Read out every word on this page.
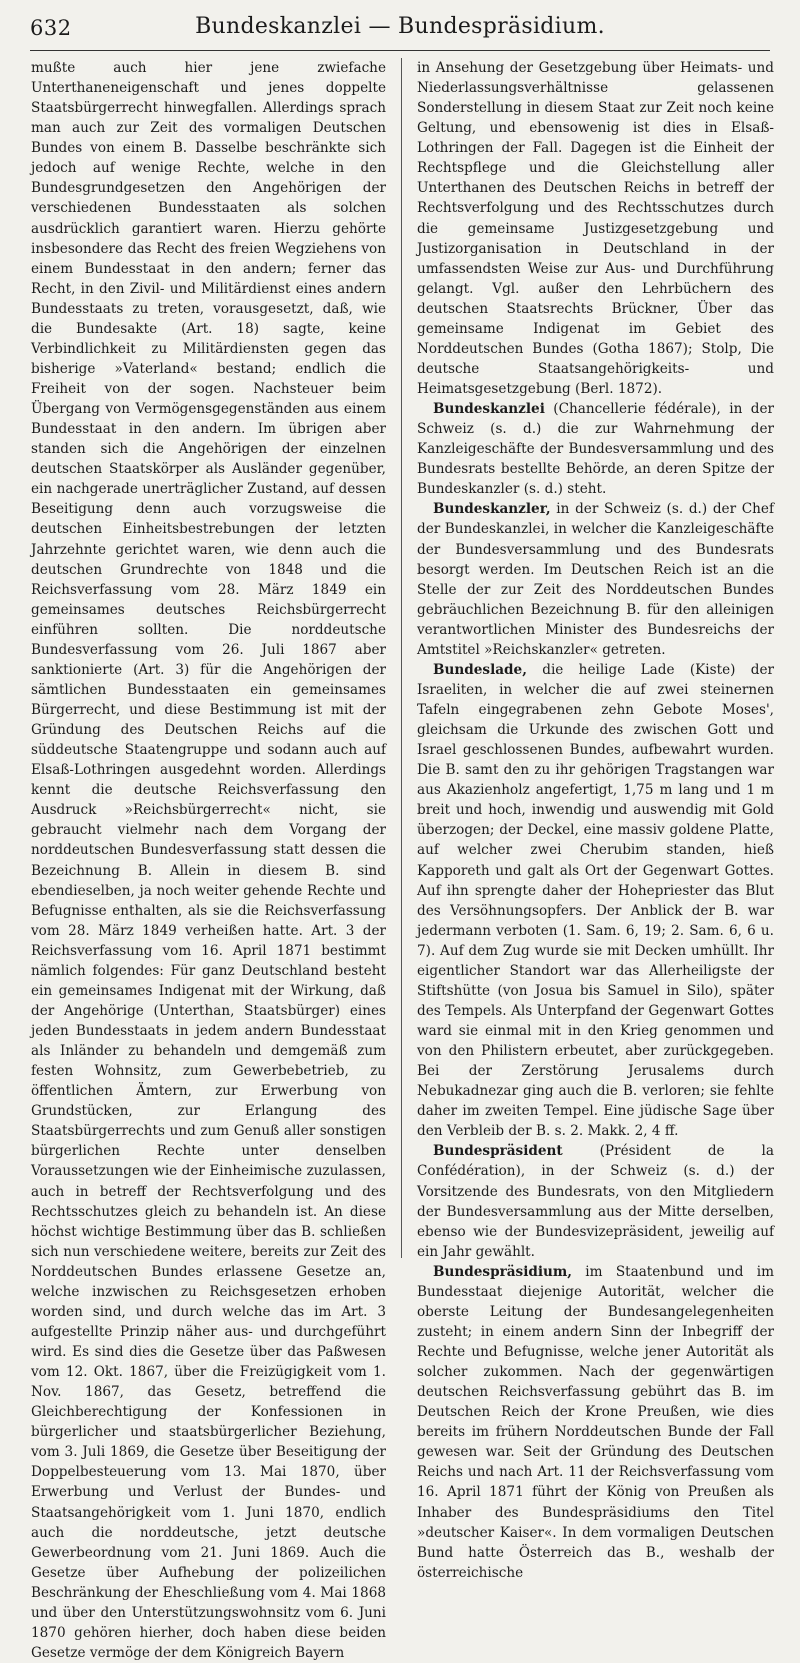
632	Bundeskanzlei — Bundespräsidium.

mußte auch hier jene zwiefache Unterthaneneigenschaft und jenes doppelte Staatsbürgerrecht hinwegfallen. Allerdings sprach man auch zur Zeit des vormaligen Deutschen Bundes von einem B. Dasselbe beschränkte sich jedoch auf wenige Rechte, welche in den Bundesgrundgesetzen den Angehörigen der verschiedenen Bundesstaaten als solchen ausdrücklich garantiert waren. Hierzu gehörte insbesondere das Recht des freien Wegziehens von einem Bundesstaat in den andern; ferner das Recht, in den Zivil- und Militärdienst eines andern Bundesstaats zu treten, vorausgesetzt, daß, wie die Bundesakte (Art. 18) sagte, keine Verbindlichkeit zu Militärdiensten gegen das bisherige »Vaterland« bestand; endlich die Freiheit von der sogen. Nachsteuer beim Übergang von Vermögensgegenständen aus einem Bundesstaat in den andern. Im übrigen aber standen sich die Angehörigen der einzelnen deutschen Staatskörper als Ausländer gegenüber, ein nachgerade unerträglicher Zustand, auf dessen Beseitigung denn auch vorzugsweise die deutschen Einheitsbestrebungen der letzten Jahrzehnte gerichtet waren, wie denn auch die deutschen Grundrechte von 1848 und die Reichsverfassung vom 28. März 1849 ein gemeinsames deutsches Reichsbürgerrecht einführen sollten. Die norddeutsche Bundesverfassung vom 26. Juli 1867 aber sanktionierte (Art. 3) für die Angehörigen der sämtlichen Bundesstaaten ein gemeinsames Bürgerrecht, und diese Bestimmung ist mit der Gründung des Deutschen Reichs auf die süddeutsche Staatengruppe und sodann auch auf Elsaß-Lothringen ausgedehnt worden. Allerdings kennt die deutsche Reichsverfassung den Ausdruck »Reichsbürgerrecht« nicht, sie gebraucht vielmehr nach dem Vorgang der norddeutschen Bundesverfassung statt dessen die Bezeichnung B. Allein in diesem B. sind ebendieselben, ja noch weiter gehende Rechte und Befugnisse enthalten, als sie die Reichsverfassung vom 28. März 1849 verheißen hatte. Art. 3 der Reichsverfassung vom 16. April 1871 bestimmt nämlich folgendes: Für ganz Deutschland besteht ein gemeinsames Indigenat mit der Wirkung, daß der Angehörige (Unterthan, Staatsbürger) eines jeden Bundesstaats in jedem andern Bundesstaat als Inländer zu behandeln und demgemäß zum festen Wohnsitz, zum Gewerbebetrieb, zu öffentlichen Ämtern, zur Erwerbung von Grundstücken, zur Erlangung des Staatsbürgerrechts und zum Genuß aller sonstigen bürgerlichen Rechte unter denselben Voraussetzungen wie der Einheimische zuzulassen, auch in betreff der Rechtsverfolgung und des Rechtsschutzes gleich zu behandeln ist. An diese höchst wichtige Bestimmung über das B. schließen sich nun verschiedene weitere, bereits zur Zeit des Norddeutschen Bundes erlassene Gesetze an, welche inzwischen zu Reichsgesetzen erhoben worden sind, und durch welche das im Art. 3 aufgestellte Prinzip näher aus- und durchgeführt wird. Es sind dies die Gesetze über das Paßwesen vom 12. Okt. 1867, über die Freizügigkeit vom 1. Nov. 1867, das Gesetz, betreffend die Gleichberechtigung der Konfessionen in bürgerlicher und staatsbürgerlicher Beziehung, vom 3. Juli 1869, die Gesetze über Beseitigung der Doppelbesteuerung vom 13. Mai 1870, über Erwerbung und Verlust der Bundes- und Staatsangehörigkeit vom 1. Juni 1870, endlich auch die norddeutsche, jetzt deutsche Gewerbeordnung vom 21. Juni 1869. Auch die Gesetze über Aufhebung der polizeilichen Beschränkung der Eheschließung vom 4. Mai 1868 und über den Unterstützungswohnsitz vom 6. Juni 1870 gehören hierher, doch haben diese beiden Gesetze vermöge der dem Königreich Bayern

in Ansehung der Gesetzgebung über Heimats- und Niederlassungsverhältnisse gelassenen Sonderstellung in diesem Staat zur Zeit noch keine Geltung, und ebensowenig ist dies in Elsaß-Lothringen der Fall. Dagegen ist die Einheit der Rechtspflege und die Gleichstellung aller Unterthanen des Deutschen Reichs in betreff der Rechtsverfolgung und des Rechtsschutzes durch die gemeinsame Justizgesetzgebung und Justizorganisation in Deutschland in der umfassendsten Weise zur Aus- und Durchführung gelangt. Vgl. außer den Lehrbüchern des deutschen Staatsrechts Brückner, Über das gemeinsame Indigenat im Gebiet des Norddeutschen Bundes (Gotha 1867); Stolp, Die deutsche Staatsangehörigkeits- und Heimatsgesetzgebung (Berl. 1872).

Bundeskanzlei (Chancellerie fédérale), in der Schweiz (s. d.) die zur Wahrnehmung der Kanzleigeschäfte der Bundesversammlung und des Bundesrats bestellte Behörde, an deren Spitze der Bundeskanzler (s. d.) steht.

Bundeskanzler, in der Schweiz (s. d.) der Chef der Bundeskanzlei, in welcher die Kanzleigeschäfte der Bundesversammlung und des Bundesrats besorgt werden. Im Deutschen Reich ist an die Stelle der zur Zeit des Norddeutschen Bundes gebräuchlichen Bezeichnung B. für den alleinigen verantwortlichen Minister des Bundesreichs der Amtstitel »Reichskanzler« getreten.

Bundeslade, die heilige Lade (Kiste) der Israeliten, in welcher die auf zwei steinernen Tafeln eingegrabenen zehn Gebote Moses', gleichsam die Urkunde des zwischen Gott und Israel geschlossenen Bundes, aufbewahrt wurden. Die B. samt den zu ihr gehörigen Tragstangen war aus Akazienholz angefertigt, 1,75 m lang und 1 m breit und hoch, inwendig und auswendig mit Gold überzogen; der Deckel, eine massiv goldene Platte, auf welcher zwei Cherubim standen, hieß Kapporeth und galt als Ort der Gegenwart Gottes. Auf ihn sprengte daher der Hohepriester das Blut des Versöhnungsopfers. Der Anblick der B. war jedermann verboten (1. Sam. 6, 19; 2. Sam. 6, 6 u. 7). Auf dem Zug wurde sie mit Decken umhüllt. Ihr eigentlicher Standort war das Allerheiligste der Stiftshütte (von Josua bis Samuel in Silo), später des Tempels. Als Unterpfand der Gegenwart Gottes ward sie einmal mit in den Krieg genommen und von den Philistern erbeutet, aber zurückgegeben. Bei der Zerstörung Jerusalems durch Nebukadnezar ging auch die B. verloren; sie fehlte daher im zweiten Tempel. Eine jüdische Sage über den Verbleib der B. s. 2. Makk. 2, 4 ff.

Bundespräsident (Président de la Confédération), in der Schweiz (s. d.) der Vorsitzende des Bundesrats, von den Mitgliedern der Bundesversammlung aus der Mitte derselben, ebenso wie der Bundesvizepräsident, jeweilig auf ein Jahr gewählt.

Bundespräsidium, im Staatenbund und im Bundesstaat diejenige Autorität, welcher die oberste Leitung der Bundesangelegenheiten zusteht; in einem andern Sinn der Inbegriff der Rechte und Befugnisse, welche jener Autorität als solcher zukommen. Nach der gegenwärtigen deutschen Reichsverfassung gebührt das B. im Deutschen Reich der Krone Preußen, wie dies bereits im frühern Norddeutschen Bunde der Fall gewesen war. Seit der Gründung des Deutschen Reichs und nach Art. 11 der Reichsverfassung vom 16. April 1871 führt der König von Preußen als Inhaber des Bundespräsidiums den Titel »deutscher Kaiser«. In dem vormaligen Deutschen Bund hatte Österreich das B., weshalb der österreichische
